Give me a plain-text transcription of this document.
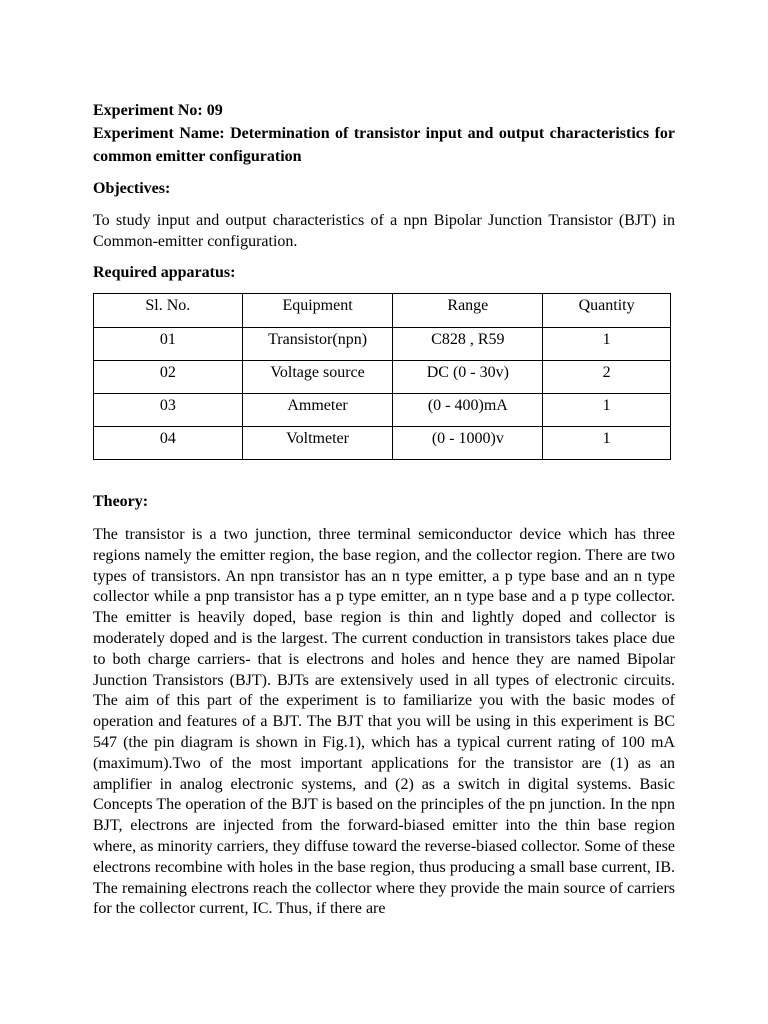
Experiment No: 09

Experiment Name: Determination of transistor input and output characteristics for common emitter configuration

Objectives:

To study input and output characteristics of a npn Bipolar Junction Transistor (BJT) in Common-emitter configuration.

Required apparatus:

Sl. No.	Equipment	Range	Quantity
01	Transistor(npn)	C828 , R59	1
02	Voltage source	DC (0 - 30v)	2
03	Ammeter	(0 - 400)mA	1
04	Voltmeter	(0 - 1000)v	1

Theory:

The transistor is a two junction, three terminal semiconductor device which has three regions namely the emitter region, the base region, and the collector region. There are two types of transistors. An npn transistor has an n type emitter, a p type base and an n type collector while a pnp transistor has a p type emitter, an n type base and a p type collector. The emitter is heavily doped, base region is thin and lightly doped and collector is moderately doped and is the largest. The current conduction in transistors takes place due to both charge carriers- that is electrons and holes and hence they are named Bipolar Junction Transistors (BJT). BJTs are extensively used in all types of electronic circuits. The aim of this part of the experiment is to familiarize you with the basic modes of operation and features of a BJT. The BJT that you will be using in this experiment is BC 547 (the pin diagram is shown in Fig.1), which has a typical current rating of 100 mA (maximum).Two of the most important applications for the transistor are (1) as an amplifier in analog electronic systems, and (2) as a switch in digital systems. Basic Concepts The operation of the BJT is based on the principles of the pn junction. In the npn BJT, electrons are injected from the forward-biased emitter into the thin base region where, as minority carriers, they diffuse toward the reverse-biased collector. Some of these electrons recombine with holes in the base region, thus producing a small base current, IB. The remaining electrons reach the collector where they provide the main source of carriers for the collector current, IC. Thus, if there are
